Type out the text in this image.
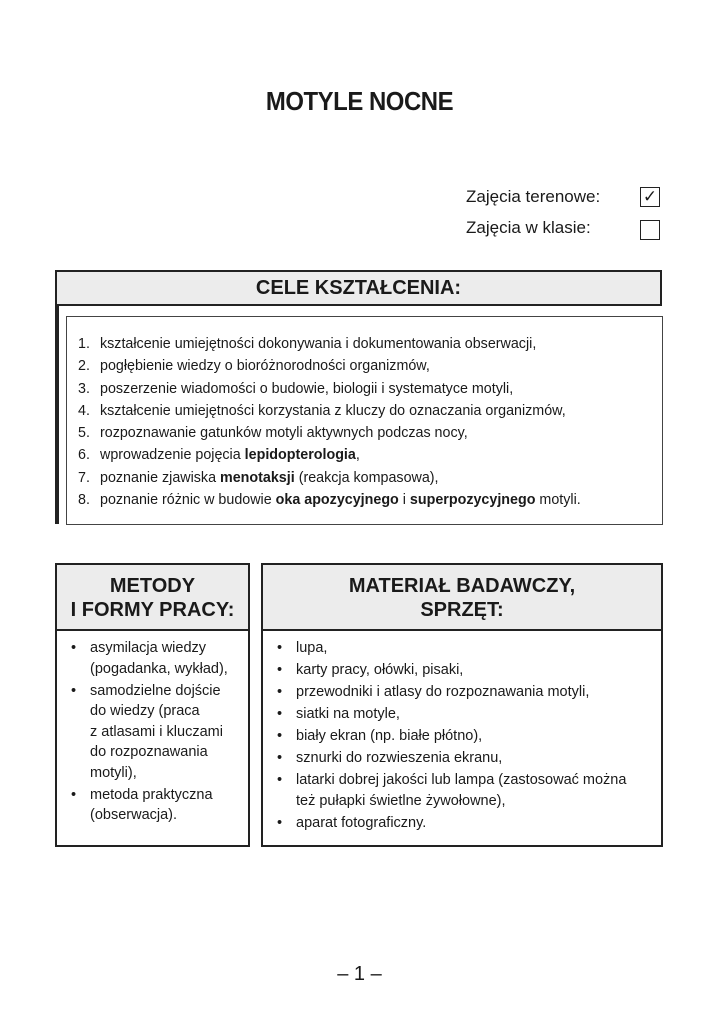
MOTYLE NOCNE
Zajęcia terenowe:	✓
Zajęcia w klasie:
CELE KSZTAŁCENIA:
1. kształcenie umiejętności dokonywania i dokumentowania obserwacji,
2. pogłębienie wiedzy o bioróżnorodności organizmów,
3. poszerzenie wiadomości o budowie, biologii i systematyce motyli,
4. kształcenie umiejętności korzystania z kluczy do oznaczania organizmów,
5. rozpoznawanie gatunków motyli aktywnych podczas nocy,
6. wprowadzenie pojęcia lepidopterologia,
7. poznanie zjawiska menotaksji (reakcja kompasowa),
8. poznanie różnic w budowie oka apozycyjnego i superpozycyjnego motyli.
METODY
I FORMY PRACY:
• asymilacja wiedzy
(pogadanka, wykład),
• samodzielne dojście
do wiedzy (praca
z atlasami i kluczami
do rozpoznawania
motyli),
• metoda praktyczna
(obserwacja).
MATERIAŁ BADAWCZY,
SPRZĘT:
• lupa,
• karty pracy, ołówki, pisaki,
• przewodniki i atlasy do rozpoznawania motyli,
• siatki na motyle,
• biały ekran (np. białe płótno),
• sznurki do rozwieszenia ekranu,
• latarki dobrej jakości lub lampa (zastosować można
też pułapki świetlne żywołowne),
• aparat fotograficzny.
– 1 –
